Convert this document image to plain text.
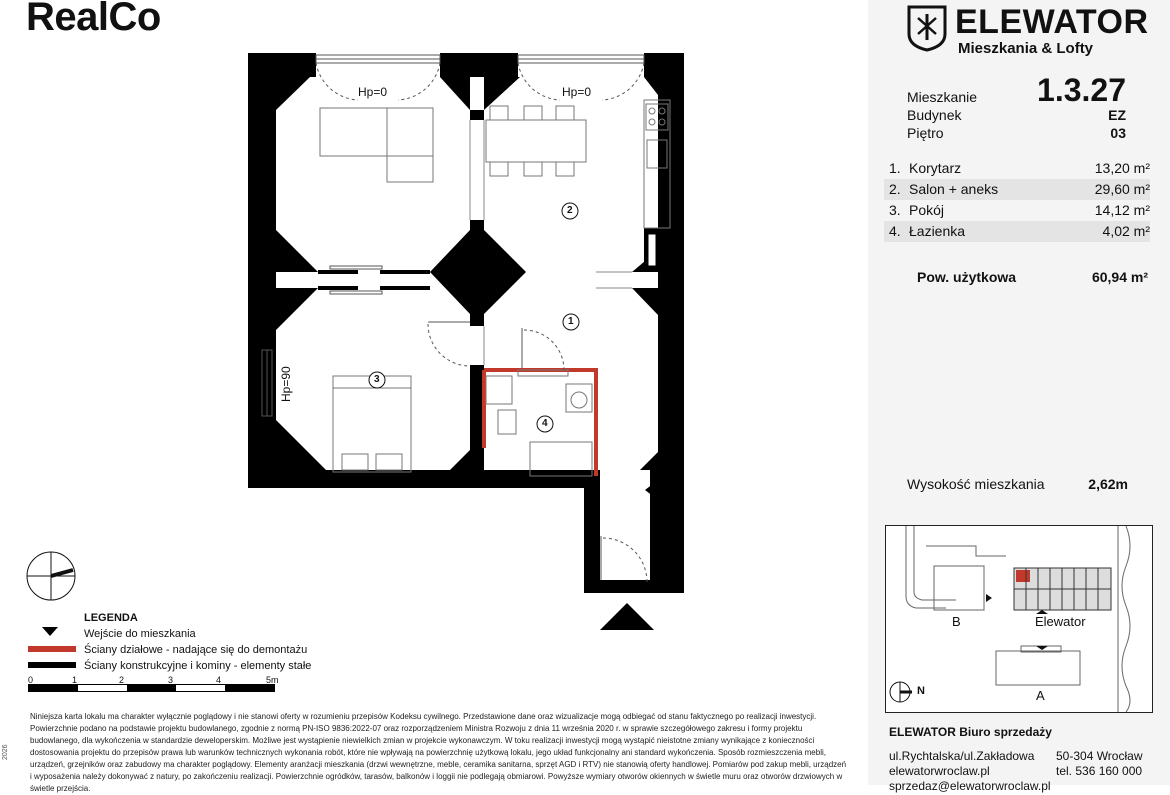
RealCo
Hp=0	Hp=0
Hp=90
1
2
3
4
LEGENDA
Wejście do mieszkania
Ściany działowe - nadające się do demontażu
Ściany konstrukcyjne i kominy - elementy stałe
0	1	2	3	4	5m
Niniejsza karta lokalu ma charakter wyłącznie poglądowy i nie stanowi oferty w rozumieniu przepisów Kodeksu cywilnego. Przedstawione dane oraz wizualizacje mogą odbiegać od stanu faktycznego po realizacji inwestycji. Powierzchnie podano na podstawie projektu budowlanego, zgodnie z normą PN-ISO 9836:2022-07 oraz rozporządzeniem Ministra Rozwoju z dnia 11 września 2020 r. w sprawie szczegółowego zakresu i formy projektu budowlanego, dla wykończenia w standardzie deweloperskim. Możliwe jest wystąpienie niewielkich zmian w projekcie wykonawczym. W toku realizacji inwestycji mogą wystąpić nieistotne zmiany wynikające z konieczności dostosowania projektu do przepisów prawa lub warunków technicznych wykonania robót, które nie wpływają na powierzchnię użytkową lokalu, jego układ funkcjonalny ani standard wykończenia. Sposób rozmieszczenia mebli, urządzeń, grzejników oraz zabudowy ma charakter poglądowy. Elementy aranżacji mieszkania (drzwi wewnętrzne, meble, ceramika sanitarna, sprzęt AGD i RTV) nie stanowią oferty handlowej. Pomiarów pod zakup mebli, urządzeń i wyposażenia należy dokonywać z natury, po zakończeniu realizacji. Powierzchnie ogródków, tarasów, balkonów i loggii nie podlegają obmiarowi. Powyższe wymiary otworów okiennych w świetle muru oraz otworów drzwiowych w świetle przejścia.
2026
ELEWATOR
Mieszkania & Lofty
Mieszkanie 1.3.27
Budynek	EZ
Piętro	03
1. Korytarz	13,20 m²
2. Salon + aneks	29,60 m²
3. Pokój	14,12 m²
4. Łazienka	4,02 m²
Pow. użytkowa	60,94 m²
Wysokość mieszkania	2,62m
B	Elewator
A
N
ELEWATOR Biuro sprzedaży
ul.Rychtalska/ul.Zakładowa 50-304 Wrocław
elewatorwroclaw.pl	tel. 536 160 000
sprzedaz@elewatorwroclaw.pl
